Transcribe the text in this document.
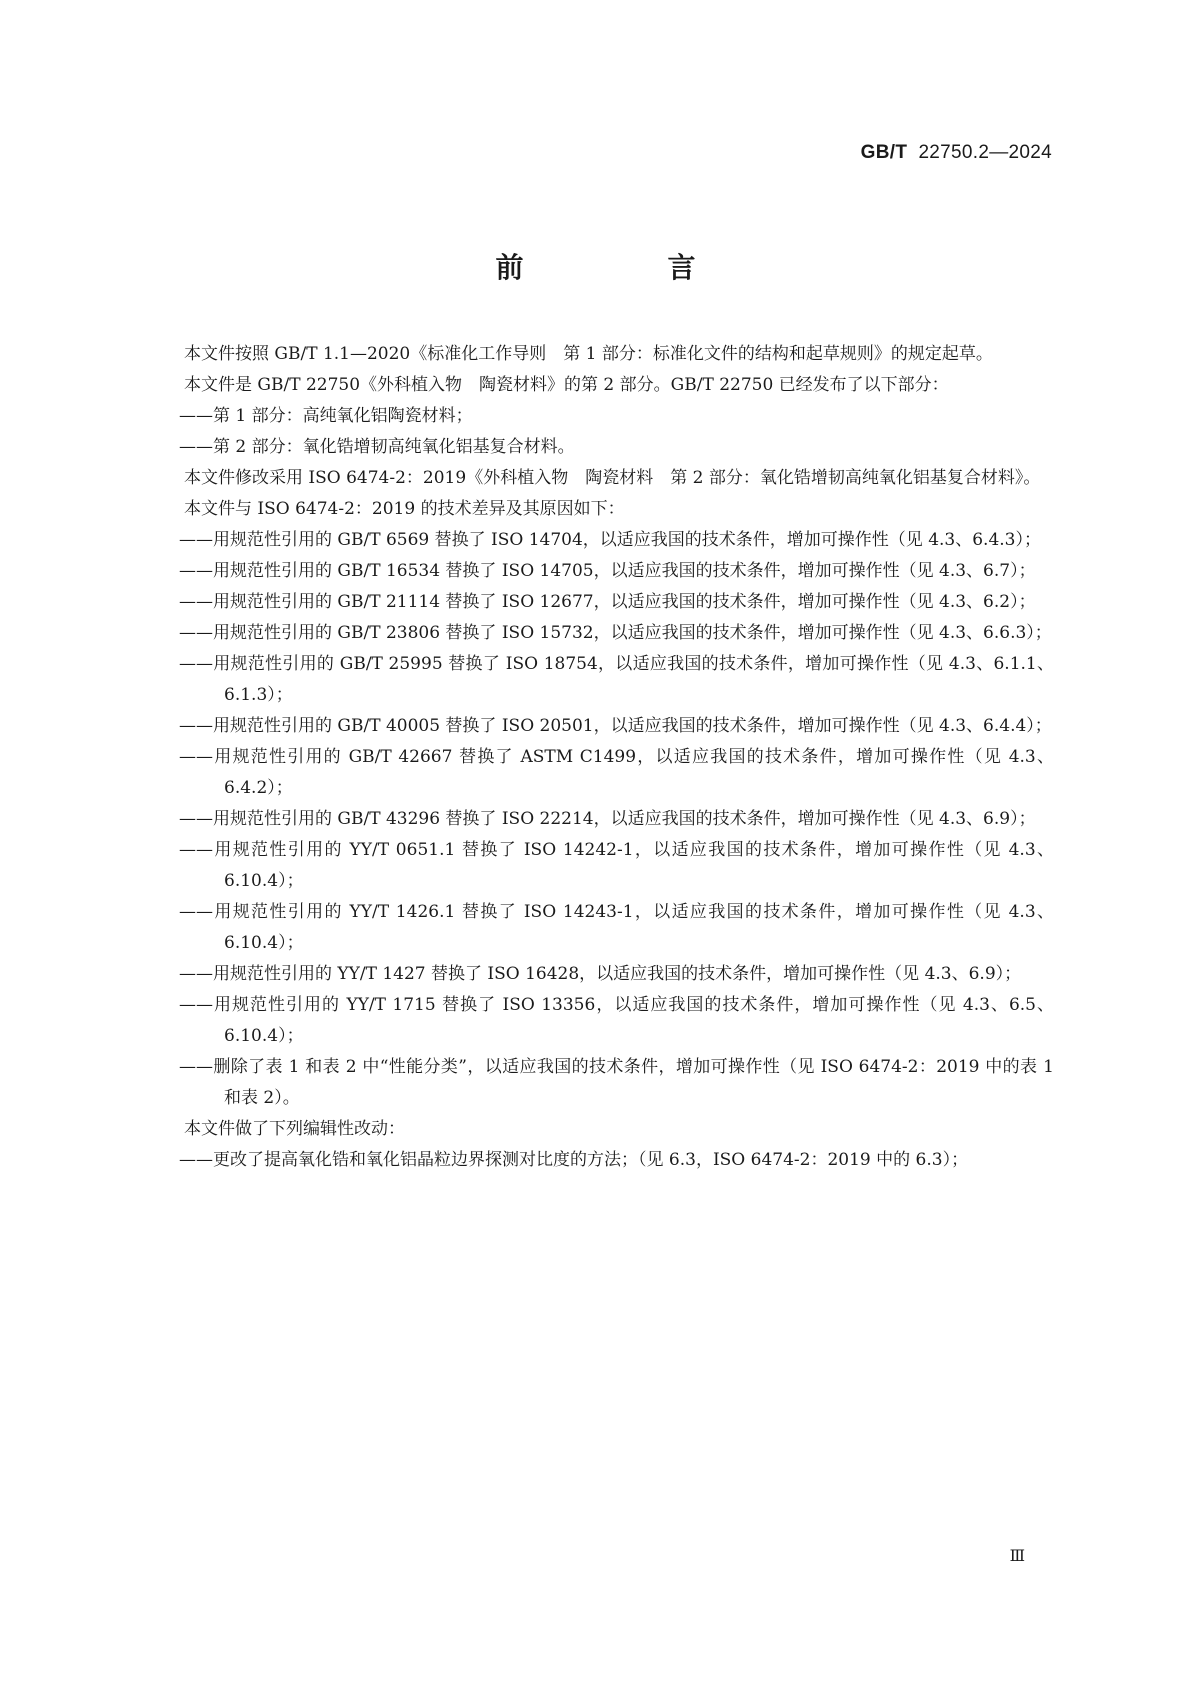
GB/T 22750.2—2024
前　言

本文件按照 GB/T 1.1—2020《标准化工作导则　第 1 部分：标准化文件的结构和起草规则》的规定起草。

本文件是 GB/T 22750《外科植入物　陶瓷材料》的第 2 部分。GB/T 22750 已经发布了以下部分：

——第 1 部分：高纯氧化铝陶瓷材料；

——第 2 部分：氧化锆增韧高纯氧化铝基复合材料。

本文件修改采用 ISO 6474-2：2019《外科植入物　陶瓷材料　第 2 部分：氧化锆增韧高纯氧化铝基复合材料》。

本文件与 ISO 6474-2：2019 的技术差异及其原因如下：

——用规范性引用的 GB/T 6569 替换了 ISO 14704，以适应我国的技术条件，增加可操作性（见 4.3、6.4.3）；

——用规范性引用的 GB/T 16534 替换了 ISO 14705，以适应我国的技术条件，增加可操作性（见 4.3、6.7）；

——用规范性引用的 GB/T 21114 替换了 ISO 12677，以适应我国的技术条件，增加可操作性（见 4.3、6.2）；

——用规范性引用的 GB/T 23806 替换了 ISO 15732，以适应我国的技术条件，增加可操作性（见 4.3、6.6.3）；

——用规范性引用的 GB/T 25995 替换了 ISO 18754，以适应我国的技术条件，增加可操作性（见 4.3、6.1.1、6.1.3）；

——用规范性引用的 GB/T 40005 替换了 ISO 20501，以适应我国的技术条件，增加可操作性（见 4.3、6.4.4）；

——用规范性引用的 GB/T 42667 替换了 ASTM C1499，以适应我国的技术条件，增加可操作性（见 4.3、6.4.2）；

——用规范性引用的 GB/T 43296 替换了 ISO 22214，以适应我国的技术条件，增加可操作性（见 4.3、6.9）；

——用规范性引用的 YY/T 0651.1 替换了 ISO 14242-1，以适应我国的技术条件，增加可操作性（见 4.3、6.10.4）；

——用规范性引用的 YY/T 1426.1 替换了 ISO 14243-1，以适应我国的技术条件，增加可操作性（见 4.3、6.10.4）；

——用规范性引用的 YY/T 1427 替换了 ISO 16428，以适应我国的技术条件，增加可操作性（见 4.3、6.9）；

——用规范性引用的 YY/T 1715 替换了 ISO 13356，以适应我国的技术条件，增加可操作性（见 4.3、6.5、6.10.4）；

——删除了表 1 和表 2 中“性能分类”，以适应我国的技术条件，增加可操作性（见 ISO 6474-2：2019 中的表 1 和表 2）。

本文件做了下列编辑性改动：

——更改了提高氧化锆和氧化铝晶粒边界探测对比度的方法；（见 6.3，ISO 6474-2：2019 中的 6.3）；

Ⅲ
